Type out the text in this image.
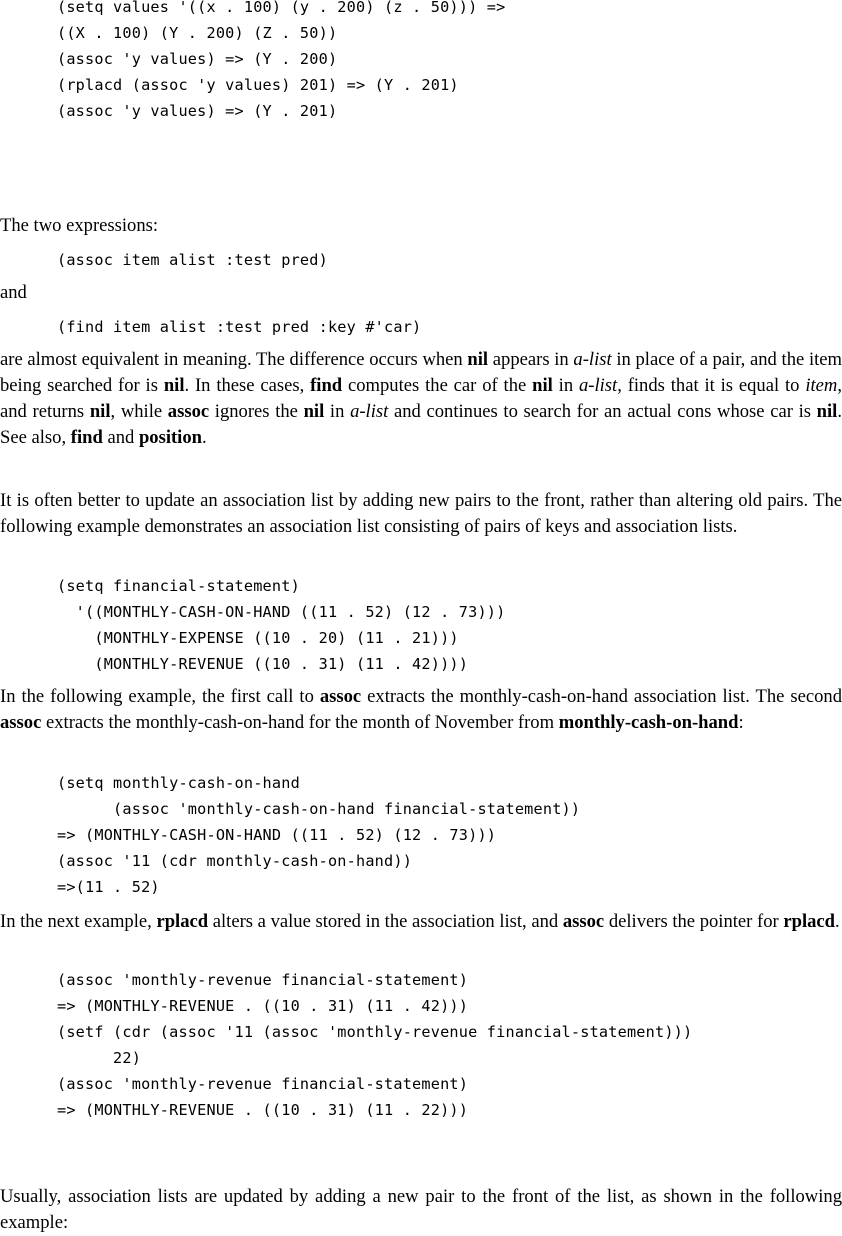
(setq values '((x . 100) (y . 200) (z . 50))) =>
((X . 100) (Y . 200) (Z . 50))
(assoc 'y values) => (Y . 200)
(rplacd (assoc 'y values) 201) => (Y . 201)
(assoc 'y values) => (Y . 201)

The two expressions:

(assoc item alist :test pred)

and

(find item alist :test pred :key #'car)

are almost equivalent in meaning. The difference occurs when nil appears in a-list in place of a pair, and the item being searched for is nil. In these cases, find computes the car of the nil in a-list, finds that it is equal to item, and returns nil, while assoc ignores the nil in a-list and continues to search for an actual cons whose car is nil. See also, find and position.

It is often better to update an association list by adding new pairs to the front, rather than altering old pairs. The following example demonstrates an association list consisting of pairs of keys and association lists.

(setq financial-statement)
'((MONTHLY-CASH-ON-HAND ((11 . 52) (12 . 73)))
(MONTHLY-EXPENSE ((10 . 20) (11 . 21)))
(MONTHLY-REVENUE ((10 . 31) (11 . 42))))

In the following example, the first call to assoc extracts the monthly-cash-on-hand association list. The second assoc extracts the monthly-cash-on-hand for the month of November from monthly-cash-on-hand:

(setq monthly-cash-on-hand
(assoc 'monthly-cash-on-hand financial-statement))
=> (MONTHLY-CASH-ON-HAND ((11 . 52) (12 . 73)))
(assoc '11 (cdr monthly-cash-on-hand))
=>(11 . 52)

In the next example, rplacd alters a value stored in the association list, and assoc delivers the pointer for rplacd.

(assoc 'monthly-revenue financial-statement)
=> (MONTHLY-REVENUE . ((10 . 31) (11 . 42)))
(setf (cdr (assoc '11 (assoc 'monthly-revenue financial-statement)))
22)
(assoc 'monthly-revenue financial-statement)
=> (MONTHLY-REVENUE . ((10 . 31) (11 . 22)))

Usually, association lists are updated by adding a new pair to the front of the list, as shown in the following example:
